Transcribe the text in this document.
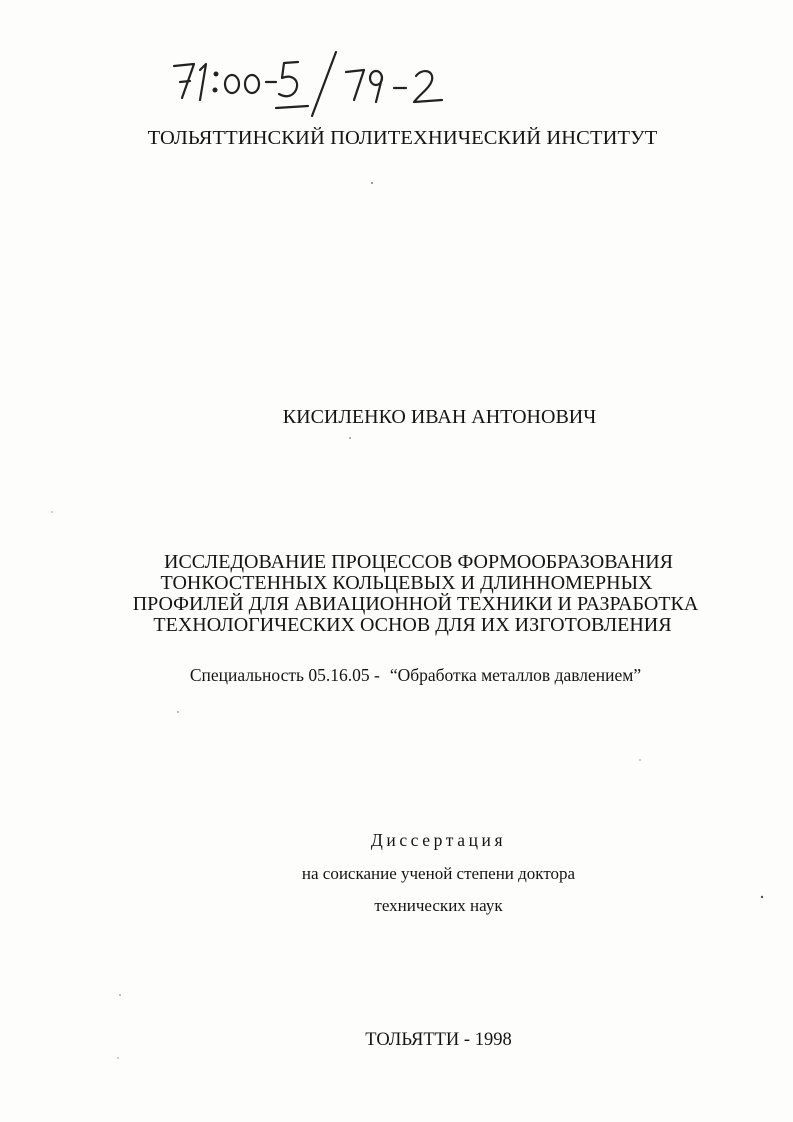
ТОЛЬЯТТИНСКИЙ ПОЛИТЕХНИЧЕСКИЙ ИНСТИТУТ
КИСИЛЕНКО ИВАН АНТОНОВИЧ
ИССЛЕДОВАНИЕ ПРОЦЕССОВ ФОРМООБРАЗОВАНИЯ
ТОНКОСТЕННЫХ КОЛЬЦЕВЫХ И ДЛИННОМЕРНЫХ
ПРОФИЛЕЙ ДЛЯ АВИАЦИОННОЙ ТЕХНИКИ И РАЗРАБОТКА
ТЕХНОЛОГИЧЕСКИХ ОСНОВ ДЛЯ ИХ ИЗГОТОВЛЕНИЯ
Специальность 05.16.05 - “Обработка металлов давлением”
Диссертация
на соискание ученой степени доктора
технических наук
ТОЛЬЯТТИ - 1998
